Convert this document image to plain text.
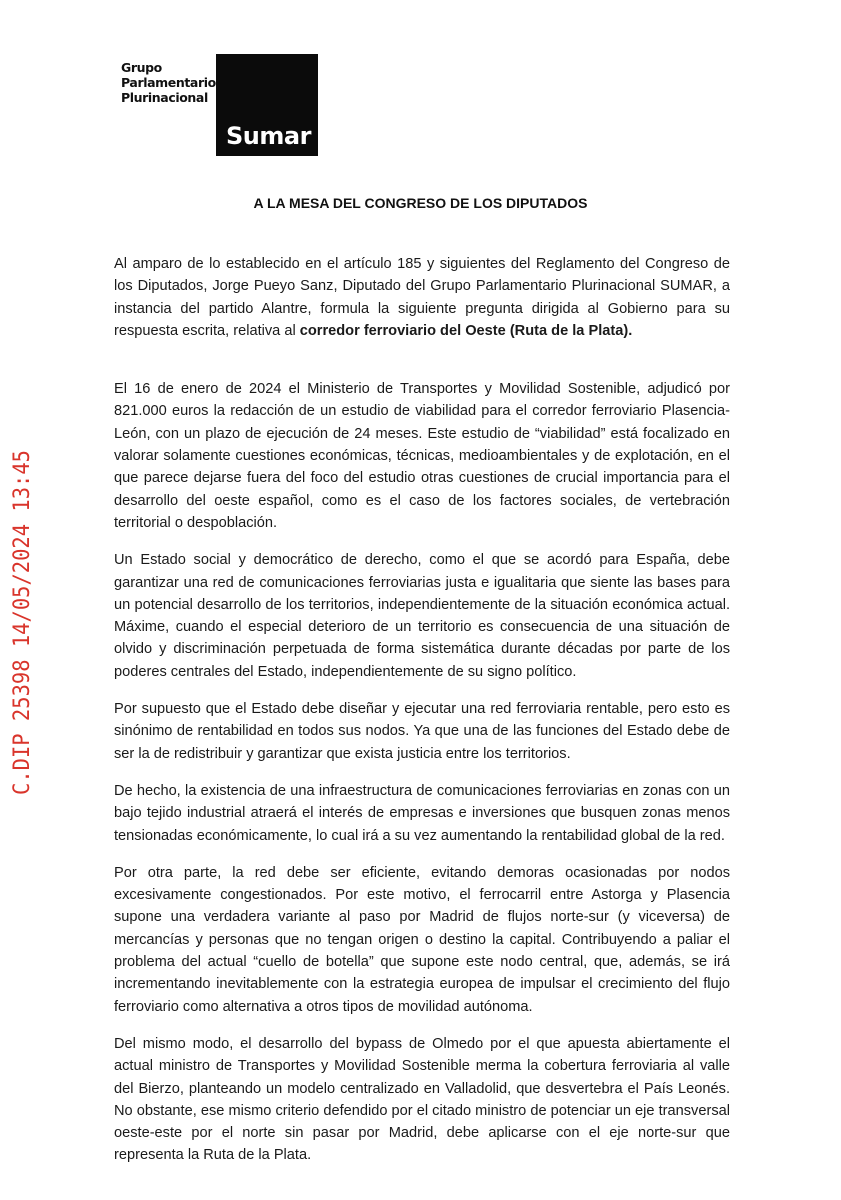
Grupo
Parlamentario
Plurinacional
Sumar
C.DIP 25398 14/05/2024 13:45
A LA MESA DEL CONGRESO DE LOS DIPUTADOS

Al amparo de lo establecido en el artículo 185 y siguientes del Reglamento del Congreso de los Diputados, Jorge Pueyo Sanz, Diputado del Grupo Parlamentario Plurinacional SUMAR, a instancia del partido Alantre, formula la siguiente pregunta dirigida al Gobierno para su respuesta escrita, relativa al corredor ferroviario del Oeste (Ruta de la Plata).

El 16 de enero de 2024 el Ministerio de Transportes y Movilidad Sostenible, adjudicó por 821.000 euros la redacción de un estudio de viabilidad para el corredor ferroviario Plasencia-León, con un plazo de ejecución de 24 meses. Este estudio de “viabilidad” está focalizado en valorar solamente cuestiones económicas, técnicas, medioambientales y de explotación, en el que parece dejarse fuera del foco del estudio otras cuestiones de crucial importancia para el desarrollo del oeste español, como es el caso de los factores sociales, de vertebración territorial o despoblación.

Un Estado social y democrático de derecho, como el que se acordó para España, debe garantizar una red de comunicaciones ferroviarias justa e igualitaria que siente las bases para un potencial desarrollo de los territorios, independientemente de la situación económica actual. Máxime, cuando el especial deterioro de un territorio es consecuencia de una situación de olvido y discriminación perpetuada de forma sistemática durante décadas por parte de los poderes centrales del Estado, independientemente de su signo político.

Por supuesto que el Estado debe diseñar y ejecutar una red ferroviaria rentable, pero esto es sinónimo de rentabilidad en todos sus nodos. Ya que una de las funciones del Estado debe de ser la de redistribuir y garantizar que exista justicia entre los territorios.

De hecho, la existencia de una infraestructura de comunicaciones ferroviarias en zonas con un bajo tejido industrial atraerá el interés de empresas e inversiones que busquen zonas menos tensionadas económicamente, lo cual irá a su vez aumentando la rentabilidad global de la red.

Por otra parte, la red debe ser eficiente, evitando demoras ocasionadas por nodos excesivamente congestionados. Por este motivo, el ferrocarril entre Astorga y Plasencia supone una verdadera variante al paso por Madrid de flujos norte-sur (y viceversa) de mercancías y personas que no tengan origen o destino la capital. Contribuyendo a paliar el problema del actual “cuello de botella” que supone este nodo central, que, además, se irá incrementando inevitablemente con la estrategia europea de impulsar el crecimiento del flujo ferroviario como alternativa a otros tipos de movilidad autónoma.

Del mismo modo, el desarrollo del bypass de Olmedo por el que apuesta abiertamente el actual ministro de Transportes y Movilidad Sostenible merma la cobertura ferroviaria al valle del Bierzo, planteando un modelo centralizado en Valladolid, que desvertebra el País Leonés. No obstante, ese mismo criterio defendido por el citado ministro de potenciar un eje transversal oeste-este por el norte sin pasar por Madrid, debe aplicarse con el eje norte-sur que representa la Ruta de la Plata.
